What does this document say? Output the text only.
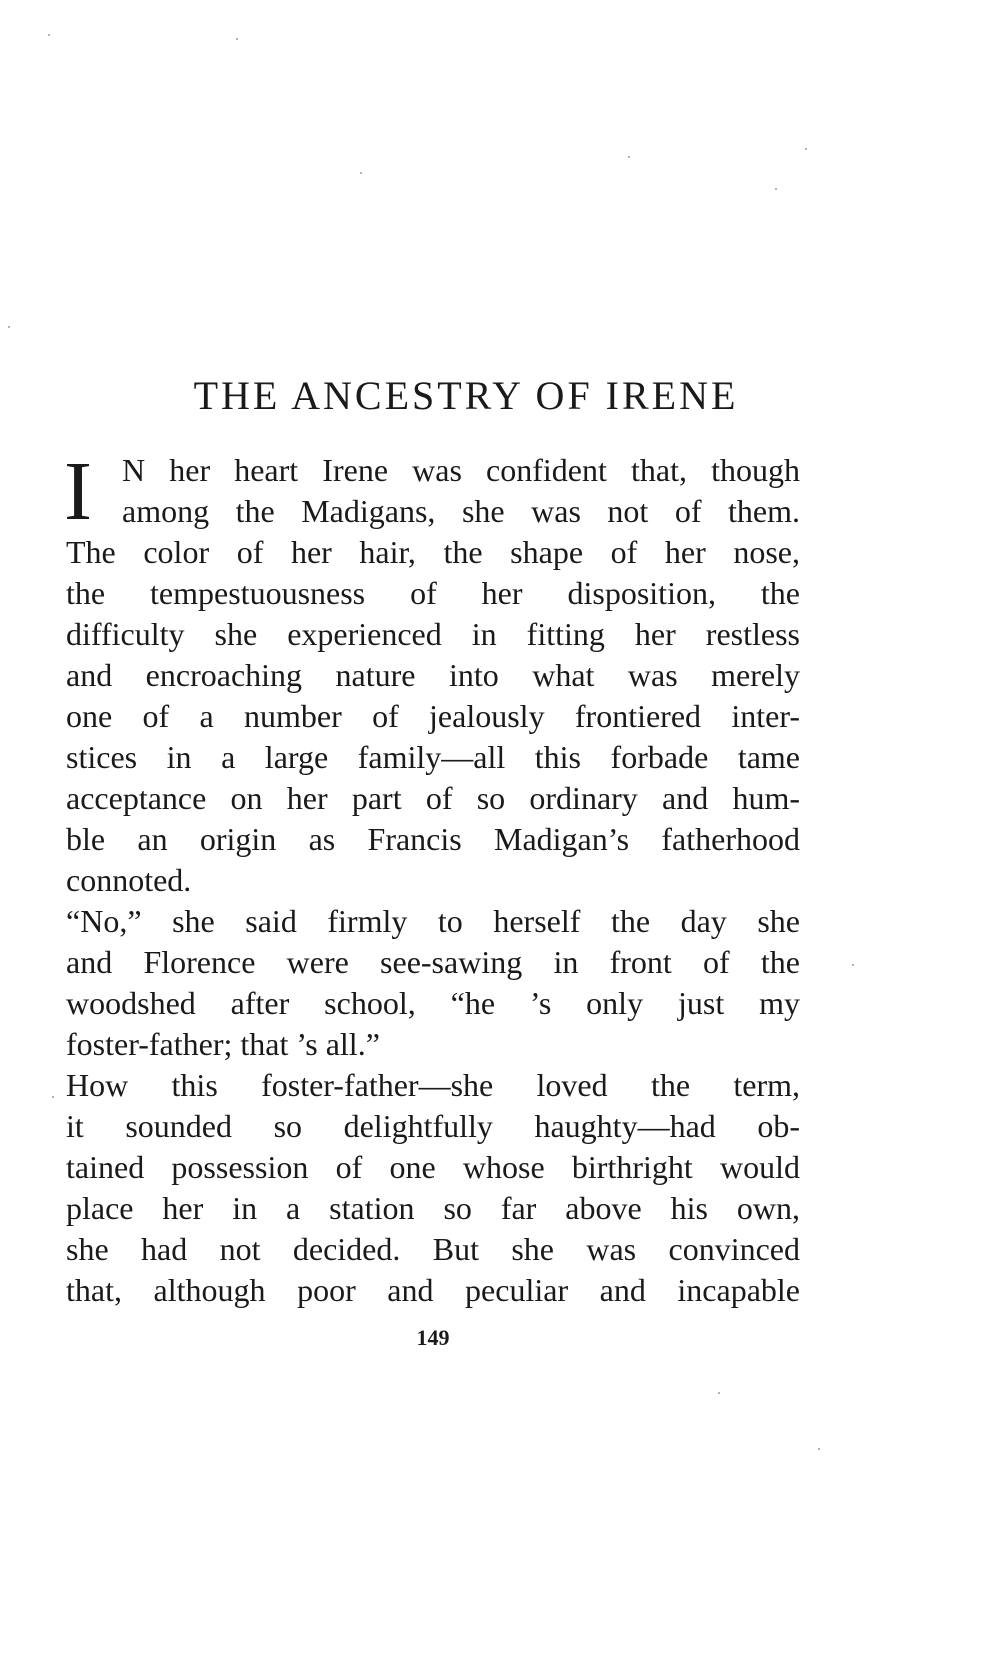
THE ANCESTRY OF IRENE
I N her heart Irene was confident that, though
among the Madigans, she was not of them.
The color of her hair, the shape of her nose,
the tempestuousness of her disposition, the
difficulty she experienced in fitting her restless
and encroaching nature into what was merely
one of a number of jealously frontiered inter-
stices in a large family—all this forbade tame
acceptance on her part of so ordinary and hum-
ble an origin as Francis Madigan’s fatherhood
connoted.
“No,” she said firmly to herself the day she
and Florence were see-sawing in front of the
woodshed after school, “he ’s only just my
foster-father; that ’s all.”
How this foster-father—she loved the term,
it sounded so delightfully haughty—had ob-
tained possession of one whose birthright would
place her in a station so far above his own,
she had not decided. But she was convinced
that, although poor and peculiar and incapable
149
